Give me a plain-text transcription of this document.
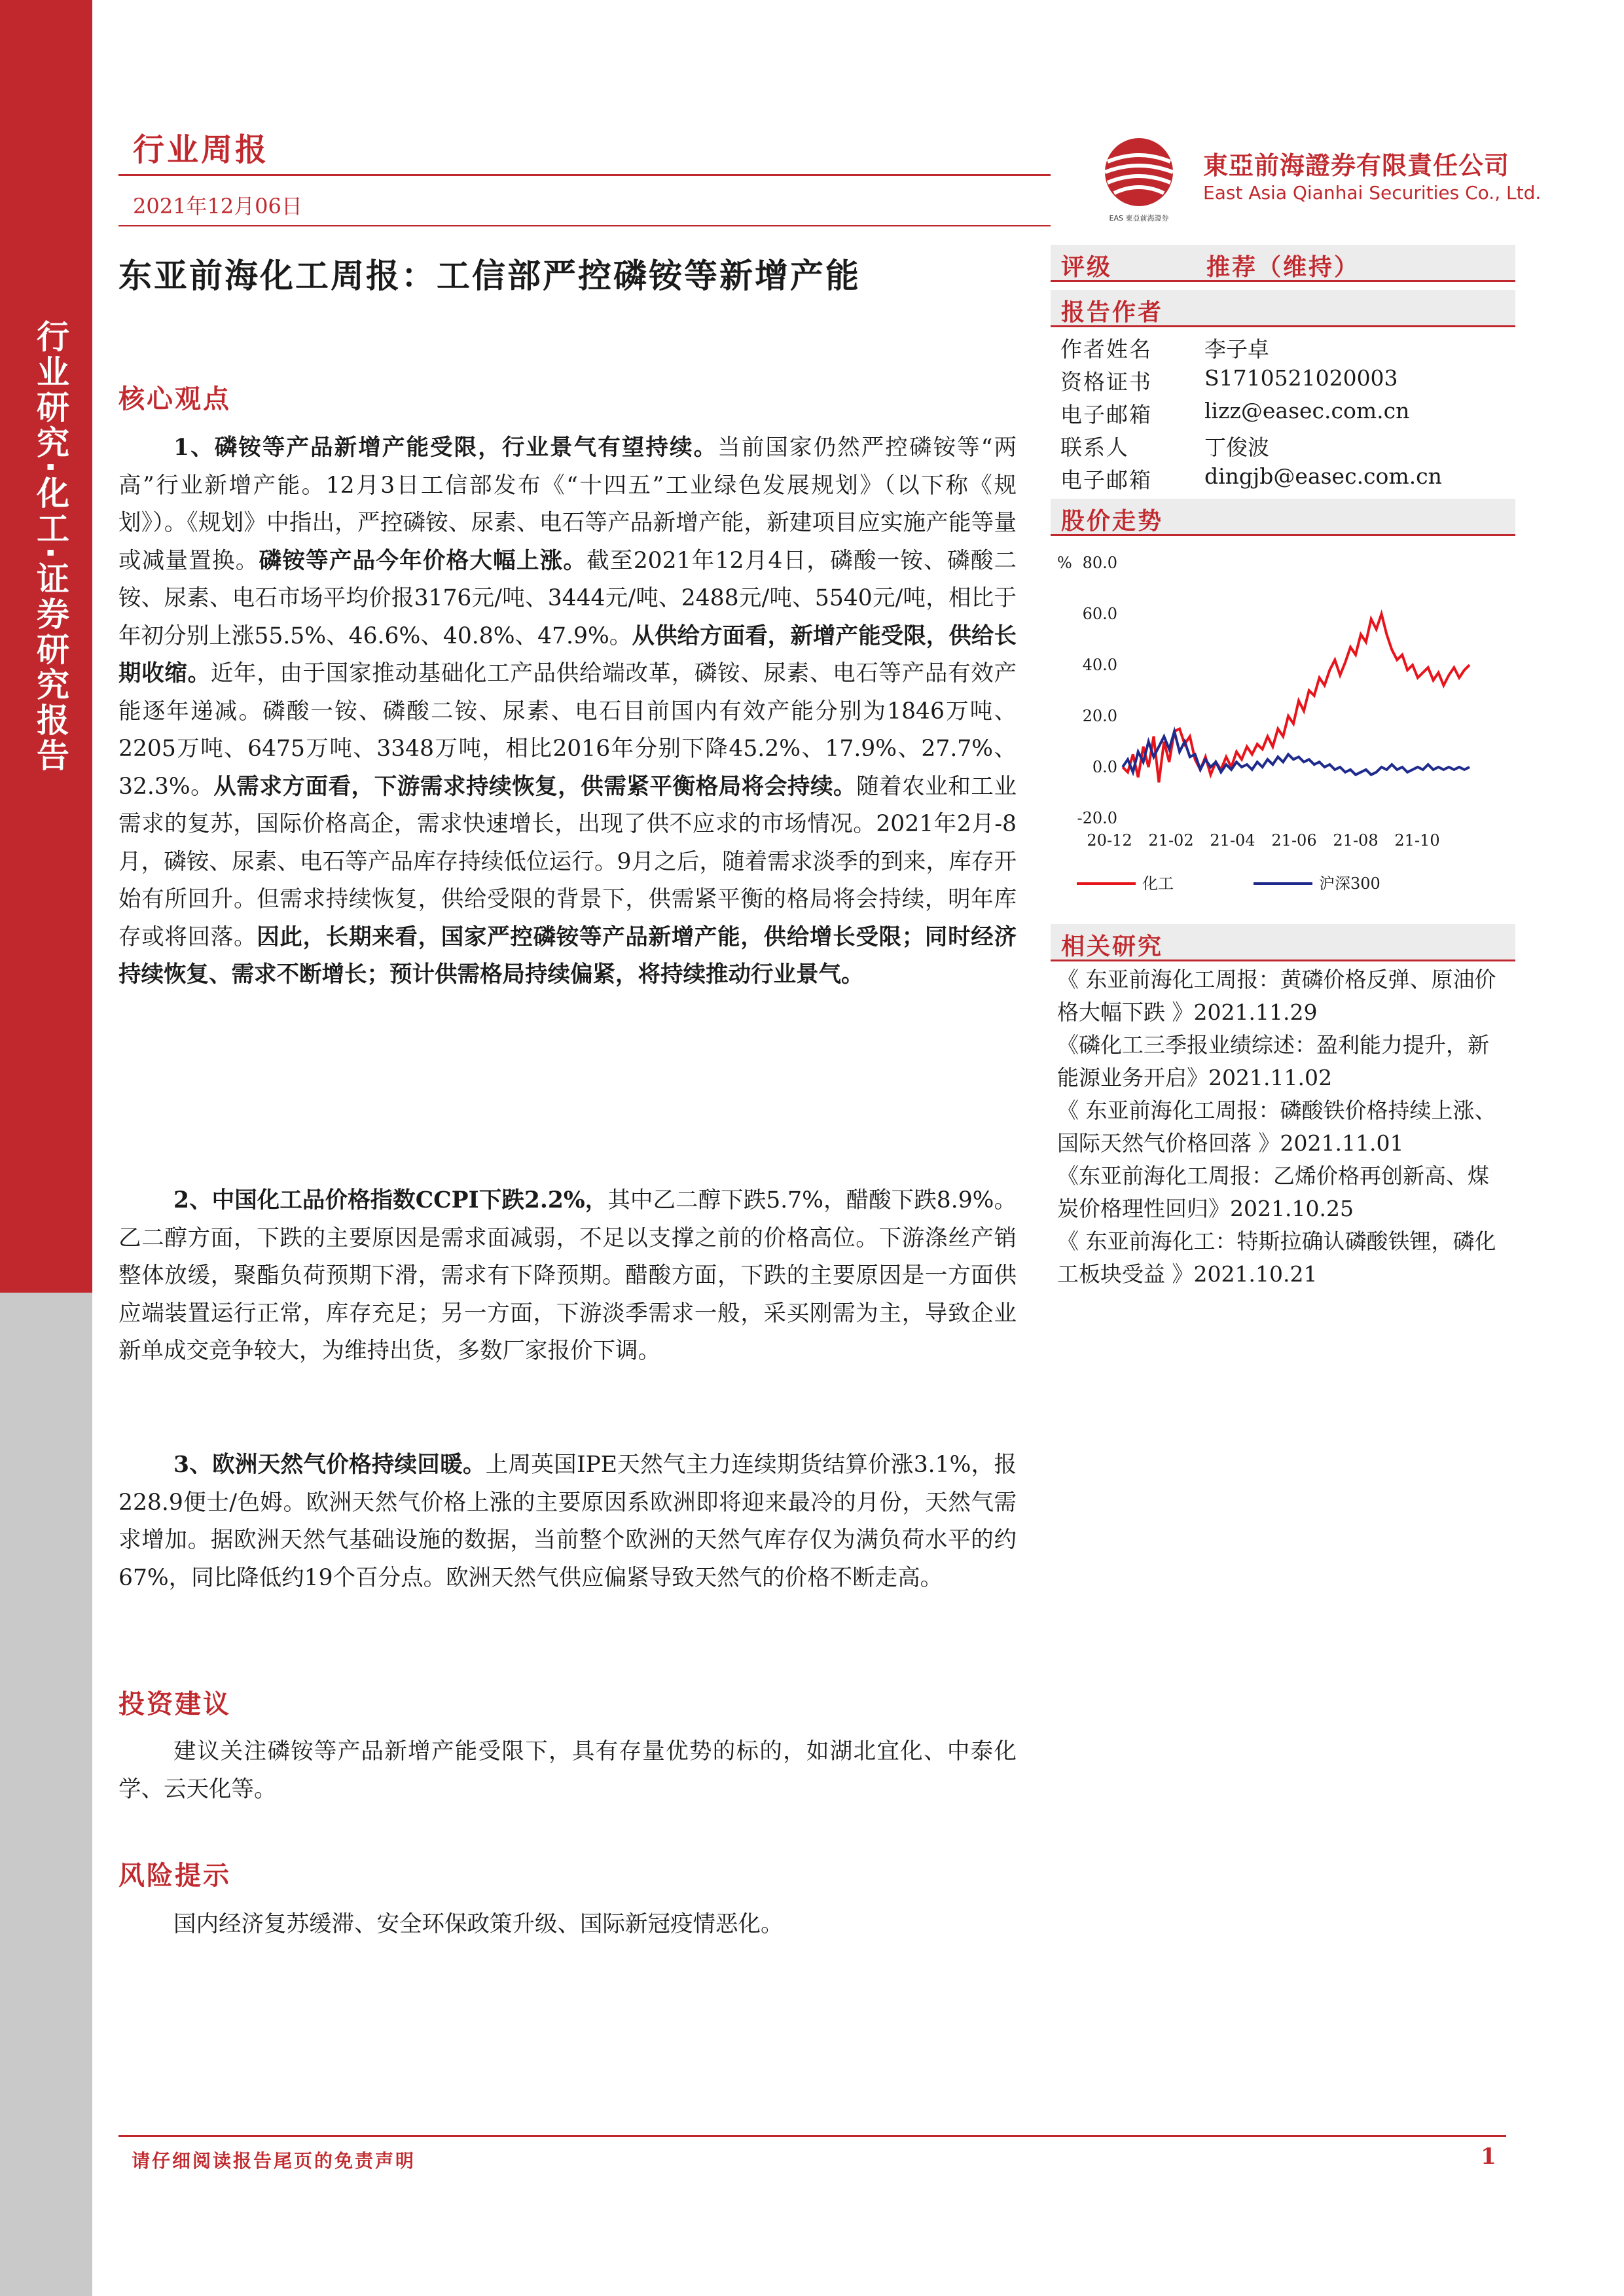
行业研究·化工·证券研究报告
行业周报
2021年12月06日	EAS 東亞前海證券
東亞前海證券有限責任公司
East Asia Qianhai Securities Co., Ltd.
东亚前海化工周报：工信部严控磷铵等新增产能
核心观点
1、磷铵等产品新增产能受限，行业景气有望持续。当前国家仍然严控磷铵等“两高”行业新增产能。12月3日工信部发布《“十四五”工业绿色发展规划》（以下称《规划》）。《规划》中指出，严控磷铵、尿素、电石等产品新增产能，新建项目应实施产能等量或减量置换。磷铵等产品今年价格大幅上涨。截至2021年12月4日，磷酸一铵、磷酸二铵、尿素、电石市场平均价报3176元/吨、3444元/吨、2488元/吨、5540元/吨，相比于年初分别上涨55.5%、46.6%、40.8%、47.9%。从供给方面看，新增产能受限，供给长期收缩。近年，由于国家推动基础化工产品供给端改革，磷铵、尿素、电石等产品有效产能逐年递减。磷酸一铵、磷酸二铵、尿素、电石目前国内有效产能分别为1846万吨、2205万吨、6475万吨、3348万吨，相比2016年分别下降45.2%、17.9%、27.7%、32.3%。从需求方面看，下游需求持续恢复，供需紧平衡格局将会持续。随着农业和工业需求的复苏，国际价格高企，需求快速增长，出现了供不应求的市场情况。2021年2月-8月，磷铵、尿素、电石等产品库存持续低位运行。9月之后，随着需求淡季的到来，库存开始有所回升。但需求持续恢复，供给受限的背景下，供需紧平衡的格局将会持续，明年库存或将回落。因此，长期来看，国家严控磷铵等产品新增产能，供给增长受限；同时经济持续恢复、需求不断增长；预计供需格局持续偏紧，将持续推动行业景气。
2、中国化工品价格指数CCPI下跌2.2%，其中乙二醇下跌5.7%，醋酸下跌8.9%。乙二醇方面，下跌的主要原因是需求面减弱，不足以支撑之前的价格高位。下游涤丝产销整体放缓，聚酯负荷预期下滑，需求有下降预期。醋酸方面，下跌的主要原因是一方面供应端装置运行正常，库存充足；另一方面，下游淡季需求一般，采买刚需为主，导致企业新单成交竞争较大，为维持出货，多数厂家报价下调。
3、欧洲天然气价格持续回暖。上周英国IPE天然气主力连续期货结算价涨3.1%，报228.9便士/色姆。欧洲天然气价格上涨的主要原因系欧洲即将迎来最冷的月份，天然气需求增加。据欧洲天然气基础设施的数据，当前整个欧洲的天然气库存仅为满负荷水平的约67%，同比降低约19个百分点。欧洲天然气供应偏紧导致天然气的价格不断走高。
投资建议
建议关注磷铵等产品新增产能受限下，具有存量优势的标的，如湖北宜化、中泰化学、云天化等。
风险提示
国内经济复苏缓滞、安全环保政策升级、国际新冠疫情恶化。
评级	推荐（维持）
报告作者
作者姓名	李子卓
资格证书	S1710521020003
电子邮箱	lizz@easec.com.cn
联系人	丁俊波
电子邮箱	dingjb@easec.com.cn
股价走势
% 80.0
60.0
40.0
20.0
0.0
-20.0
20-12 21-02 21-04 21-06 21-08 21-10
化工	沪深300
相关研究
《 东亚前海化工周报：黄磷价格反弹、原油价格大幅下跌 》2021.11.29
《磷化工三季报业绩综述：盈利能力提升，新能源业务开启》2021.11.02
《 东亚前海化工周报：磷酸铁价格持续上涨、国际天然气价格回落 》2021.11.01
《东亚前海化工周报：乙烯价格再创新高、煤炭价格理性回归》2021.10.25
《 东亚前海化工：特斯拉确认磷酸铁锂，磷化工板块受益 》2021.10.21
请仔细阅读报告尾页的免责声明	1
